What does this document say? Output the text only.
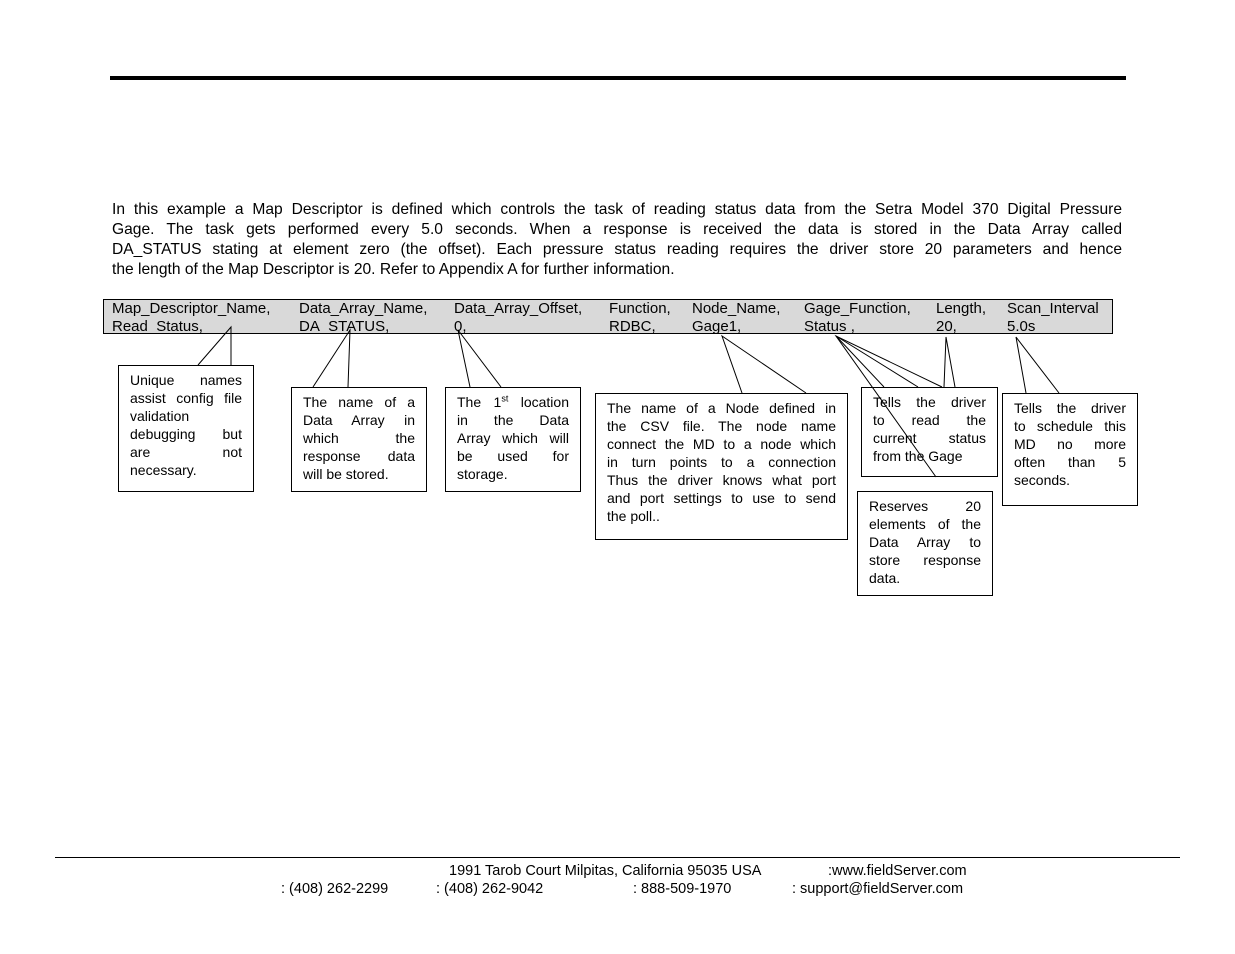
In this example a Map Descriptor is defined which controls the task of reading status data from the Setra Model 370 Digital Pressure
Gage. The task gets performed every 5.0 seconds. When a response is received the data is stored in the Data Array called
DA_STATUS stating at element zero (the offset). Each pressure status reading requires the driver store 20 parameters and hence
the length of the Map Descriptor is 20. Refer to Appendix A for further information.
Map_Descriptor_Name, Data_Array_Name, Data_Array_Offset, Function, Node_Name, Gage_Function, Length, Scan_Interval
Read_Status,	DA_STATUS,	0,	RDBC, Gage1,	Status ,	20,	5.0s
Unique names
assist config file
validation
debugging but
are not
necessary.
The name of a
Data Array in
which the
response data
will be stored.
The 1st location
in the Data
Array which will
be used for
storage.
The name of a Node defined in
the CSV file. The node name
connect the MD to a node which
in turn points to a connection
Thus the driver knows what port
and port settings to use to send
the poll..
Tells the driver
to read the
current status
from the Gage
Reserves 20
elements of the
Data Array to
store response
data.
Tells the driver
to schedule this
MD no more
often than 5
seconds.
1991 Tarob Court Milpitas, California 95035 USA	:www.fieldServer.com
: (408) 262-2299	: (408) 262-9042	: 888-509-1970	: support@fieldServer.com
